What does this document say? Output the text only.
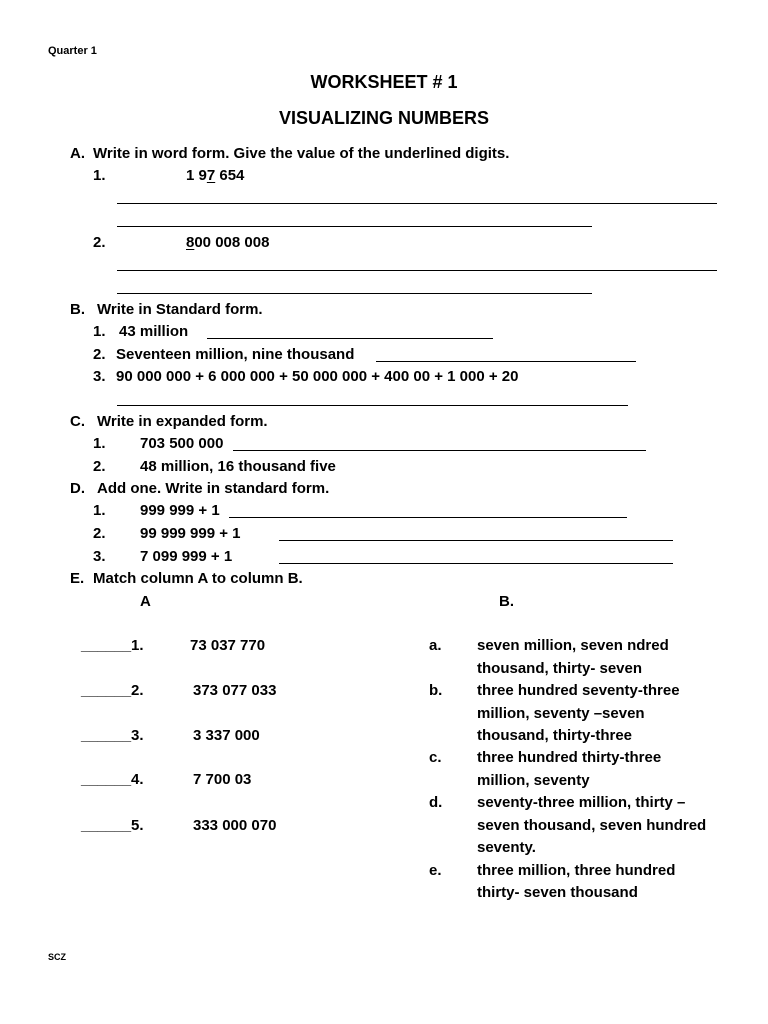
Quarter 1
WORKSHEET # 1
VISUALIZING NUMBERS
A. Write in word form. Give the value of the underlined digits.
1.	1 97 654
2.	800 008 008
B. Write in Standard form.
1. 43 million
2. Seventeen million, nine thousand
3. 90 000 000 + 6 000 000 + 50 000 000 + 400 00 + 1 000 + 20
C. Write in expanded form.
1. 703 500 000
2. 48 million, 16 thousand five
D. Add one. Write in standard form.
1. 999 999 + 1
2. 99 999 999 + 1
3. 7 099 999 + 1
E. Match column A to column B.
A	B.
______1.	73 037 770
______2.	373 077 033
______3.	3 337 000
______4.	7 700 03
______5.	333 000 070
a. seven million, seven ndred
thousand, thirty- seven
b. three hundred seventy-three
million, seventy –seven
thousand, thirty-three
c. three hundred thirty-three
million, seventy
d. seventy-three million, thirty –
seven thousand, seven hundred
seventy.
e. three million, three hundred
thirty- seven thousand
SCZ
